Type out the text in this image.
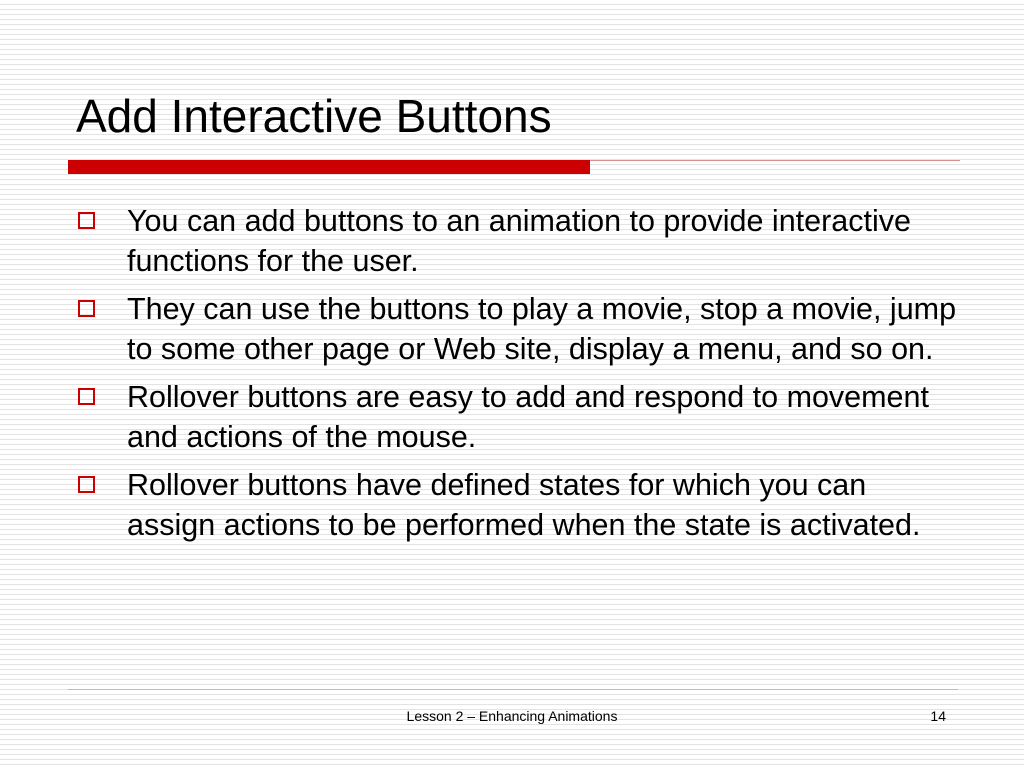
Add Interactive Buttons
You can add buttons to an animation to provide interactive functions for the user.
They can use the buttons to play a movie, stop a movie, jump to some other page or Web site, display a menu, and so on.
Rollover buttons are easy to add and respond to movement and actions of the mouse.
Rollover buttons have defined states for which you can assign actions to be performed when the state is activated.
Lesson 2 – Enhancing Animations	14
